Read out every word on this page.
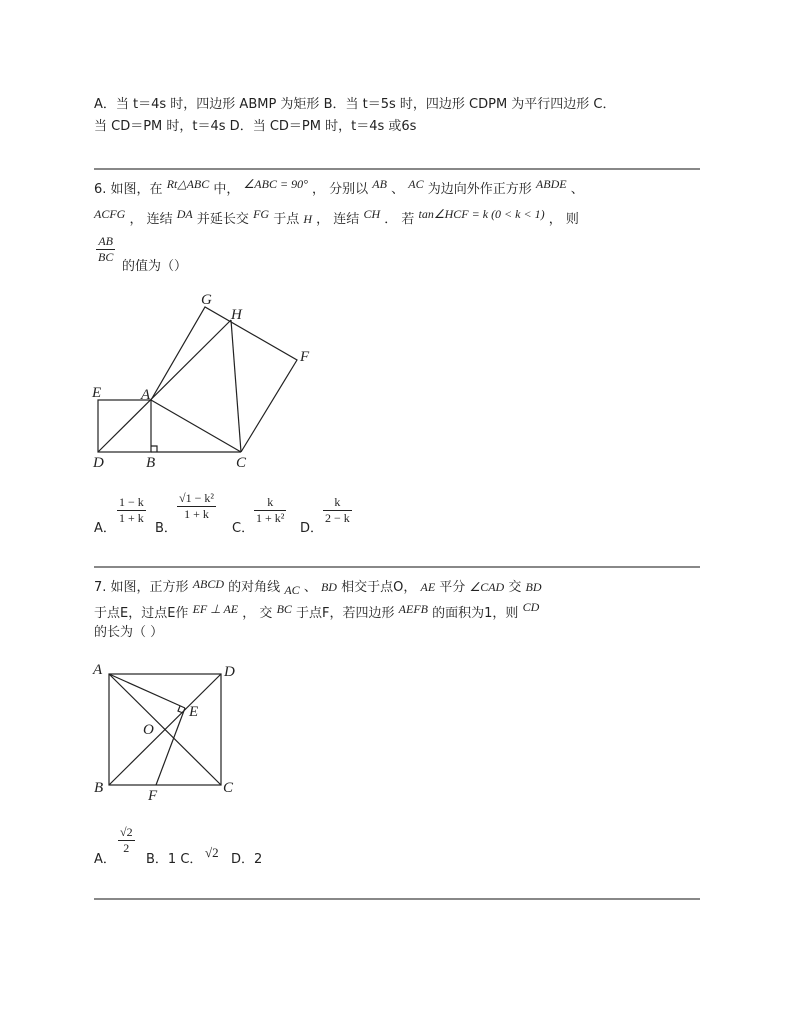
A．当 t＝4s 时，四边形 ABMP 为矩形 B．当 t＝5s 时，四边形 CDPM 为平行四边形 C．
当 CD＝PM 时，t＝4s D．当 CD＝PM 时，t＝4s 或6s
6. 如图，在 Rt△ABC 中， ∠ABC = 90° ， 分别以 AB 、 AC 为边向外作正方形 ABDE 、
ACFG ， 连结 DA 并延长交 FG 于点 H ， 连结 CH ． 若 tan∠HCF = k (0 < k < 1) ， 则
AB
BC
的值为（）
G
H
F
E	A
D	B	C
A．
1 − k
1 + k
B．
√1 − k²
1 + k
C．
k
1 + k²
D．
k
2 − k
7. 如图，正方形 ABCD 的对角线 AC 、 BD 相交于点O， AE 平分 ∠CAD 交 BD
于点E，过点E作 EF ⊥ AE ， 交 BC 于点F，若四边形 AEFB 的面积为1，则 CD
的长为（ ）
A	D
E
O
B	F	C
A．
√2
2
B．1 C． √2 D．2
